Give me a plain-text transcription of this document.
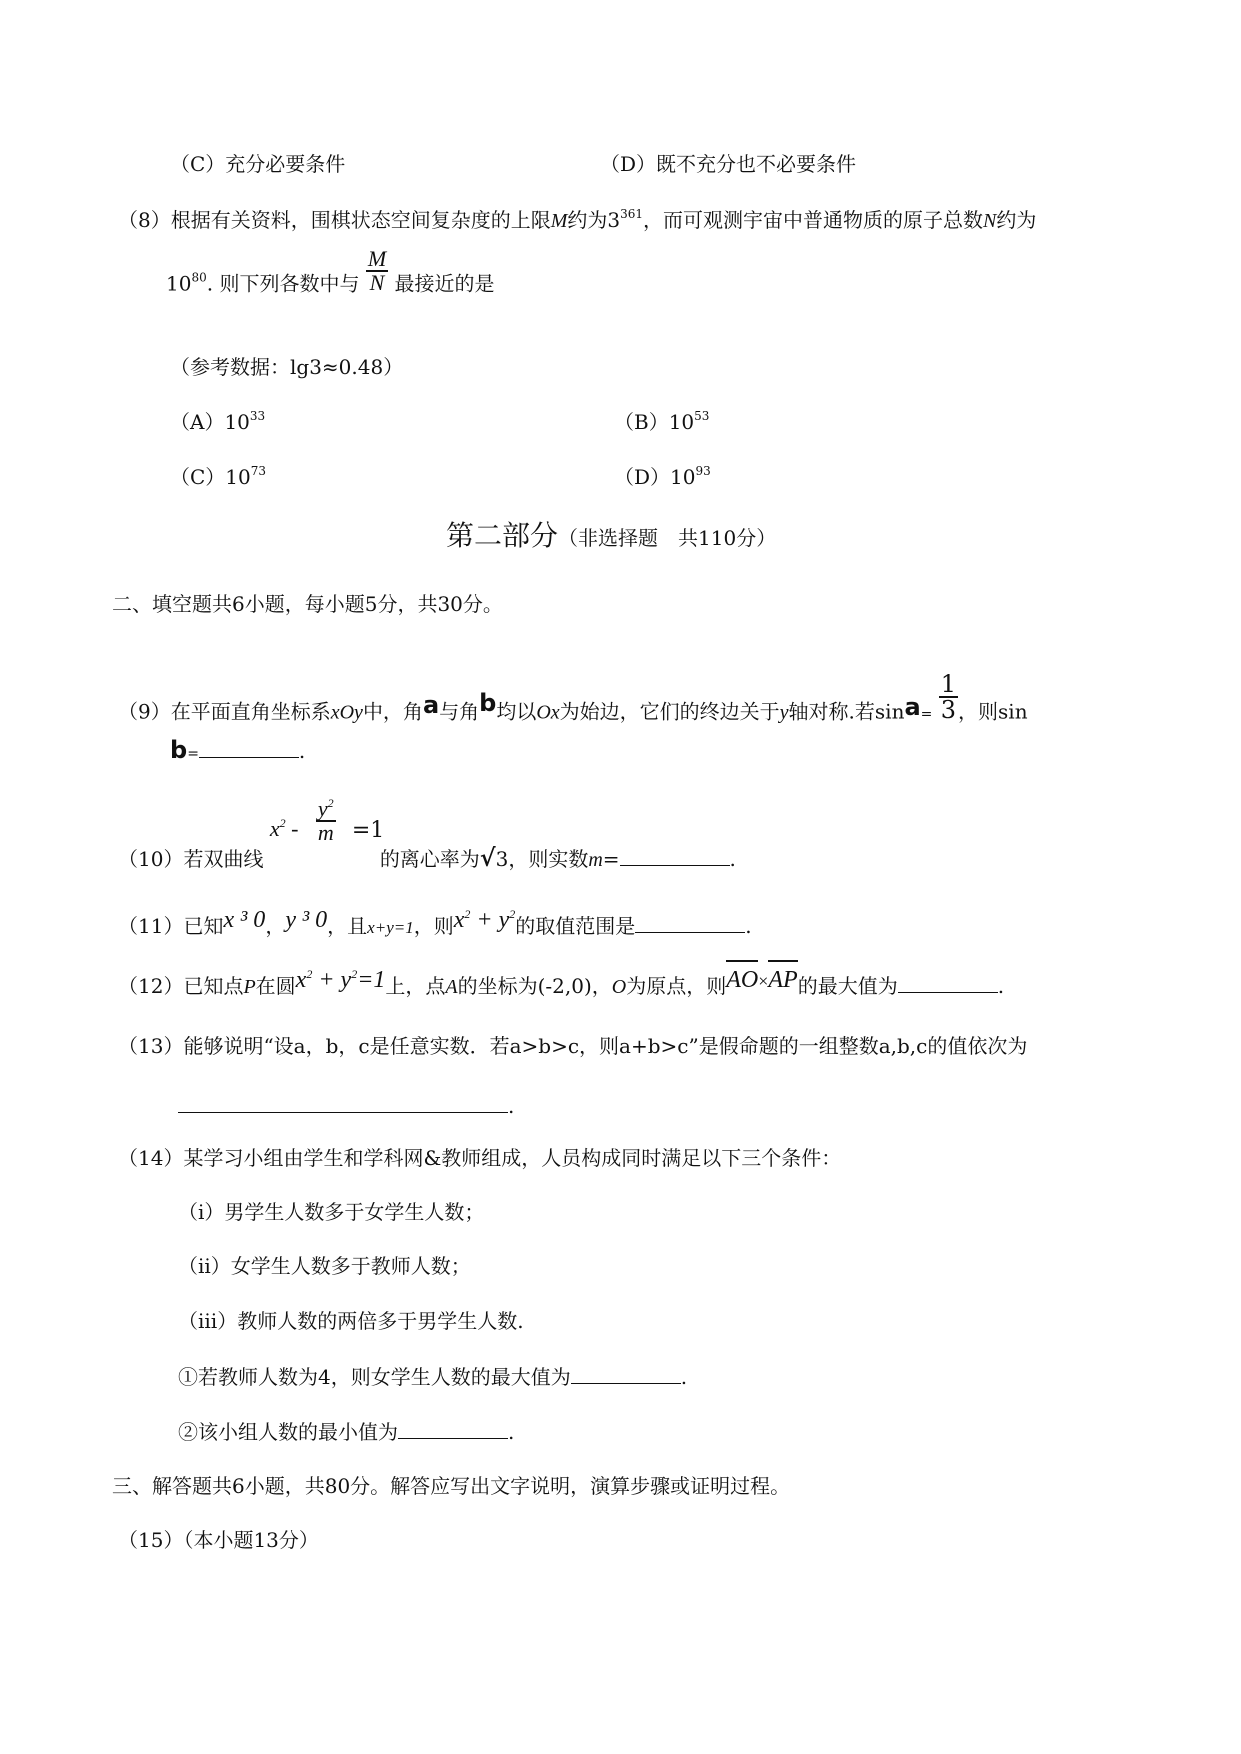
（C）充分必要条件	（D）既不充分也不必要条件
（8）根据有关资料，围棋状态空间复杂度的上限M约为$3^{361}$，而可观测宇宙中普通物质的原子总数N约为
$10^{80}$. 则下列各数中与 $\frac{M}{N}$ 最接近的是
（参考数据：lg3≈0.48）
$(A)10^{33}$	$(B)10^{53}$
$(C)10^{73}$	$(D)10^{93}$
第二部分（非选择题　共110分）
二、填空题共6小题，每小题5分，共30分。
（9）在平面直角坐标系xOy中，角a与角b均以Ox为始边，它们的终边关于y轴对称.若$\sin a= \frac{1}{3}$ ，则sin
b=	.
（10）若双曲线
$x^2 - \frac{y^2}{m} =1$
的离心率为√3，则实数m=	.
（11）已知x ³ 0，y ³ 0，且x+y=1，则$x^2 + y^2$的取值范围是	.
（12）已知点P在圆$x^2 + y^2=1$上，点A的坐标为(-2,0)，O为原点，则AO×AP的最大值为	.
（13）能够说明“设a，b，c是任意实数．若a>b>c，则a+b>c”是假命题的一组整数a,b,c的值依次为
.
（14）某学习小组由学生和学科网&教师组成，人员构成同时满足以下三个条件：
（ⅰ）男学生人数多于女学生人数；
（ⅱ）女学生人数多于教师人数；
（ⅲ）教师人数的两倍多于男学生人数.
①若教师人数为4，则女学生人数的最大值为	.
②该小组人数的最小值为	.
三、解答题共6小题，共80分。解答应写出文字说明，演算步骤或证明过程。
（15）（本小题13分）
